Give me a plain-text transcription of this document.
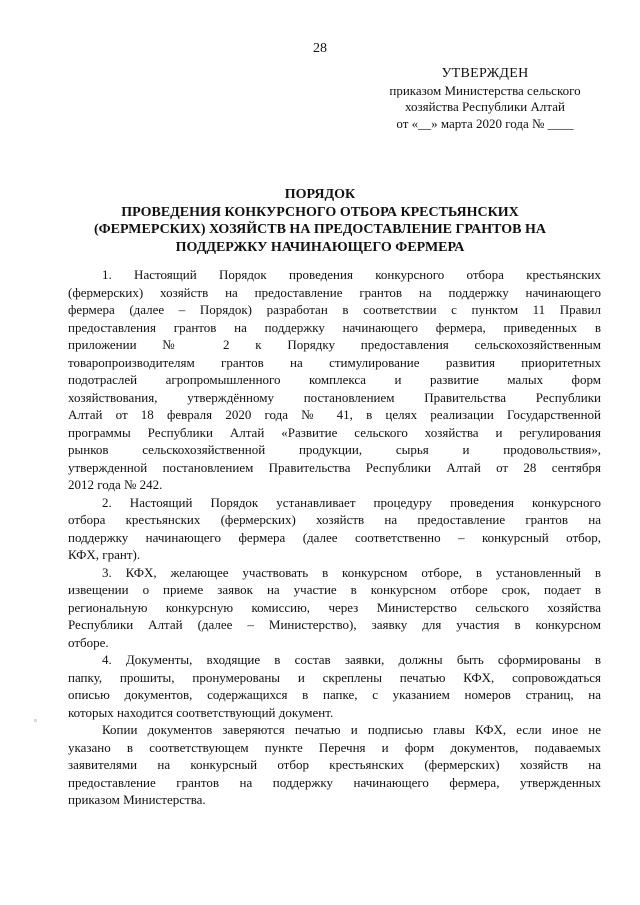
28
УТВЕРЖДЕН
приказом Министерства сельского
хозяйства Республики Алтай
от «__» марта 2020 года № ____
ПОРЯДОК
ПРОВЕДЕНИЯ КОНКУРСНОГО ОТБОРА КРЕСТЬЯНСКИХ
(ФЕРМЕРСКИХ) ХОЗЯЙСТВ НА ПРЕДОСТАВЛЕНИЕ ГРАНТОВ НА
ПОДДЕРЖКУ НАЧИНАЮЩЕГО ФЕРМЕРА
1. Настоящий Порядок проведения конкурсного отбора крестьянских
(фермерских) хозяйств на предоставление грантов на поддержку начинающего
фермера (далее – Порядок) разработан в соответствии с пунктом 11 Правил
предоставления грантов на поддержку начинающего фермера, приведенных в
приложении № 2 к Порядку предоставления сельскохозяйственным
товаропроизводителям грантов на стимулирование развития приоритетных
подотраслей агропромышленного комплекса и развитие малых форм
хозяйствования, утверждённому постановлением Правительства Республики
Алтай от 18 февраля 2020 года № 41, в целях реализации Государственной
программы Республики Алтай «Развитие сельского хозяйства и регулирования
рынков сельскохозяйственной продукции, сырья и продовольствия»,
утвержденной постановлением Правительства Республики Алтай от 28 сентября
2012 года № 242.
2. Настоящий Порядок устанавливает процедуру проведения конкурсного
отбора крестьянских (фермерских) хозяйств на предоставление грантов на
поддержку начинающего фермера (далее соответственно – конкурсный отбор,
КФХ, грант).
3. КФХ, желающее участвовать в конкурсном отборе, в установленный в
извещении о приеме заявок на участие в конкурсном отборе срок, подает в
региональную конкурсную комиссию, через Министерство сельского хозяйства
Республики Алтай (далее – Министерство), заявку для участия в конкурсном
отборе.
4. Документы, входящие в состав заявки, должны быть сформированы в
папку, прошиты, пронумерованы и скреплены печатью КФХ, сопровождаться
описью документов, содержащихся в папке, с указанием номеров страниц, на
которых находится соответствующий документ.
Копии документов заверяются печатью и подписью главы КФХ, если иное не
указано в соответствующем пункте Перечня и форм документов, подаваемых
заявителями на конкурсный отбор крестьянских (фермерских) хозяйств на
предоставление грантов на поддержку начинающего фермера, утвержденных
приказом Министерства.
